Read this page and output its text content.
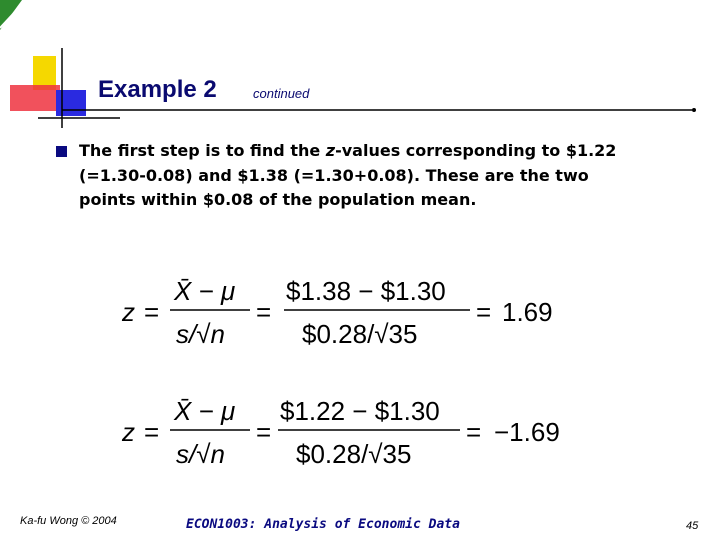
Example 2	continued
The first step is to find the z-values corresponding to $1.22 (=1.30-0.08) and $1.38 (=1.30+0.08). These are the two points within $0.08 of the population mean.
z =
X̄ − μ
s/√n
=
$1.38 − $1.30
$0.28/√35
= 1.69
z =
X̄ − μ
s/√n
=
$1.22 − $1.30
$0.28/√35
= −1.69
Ka-fu Wong © 2004	ECON1003: Analysis of Economic Data	45
